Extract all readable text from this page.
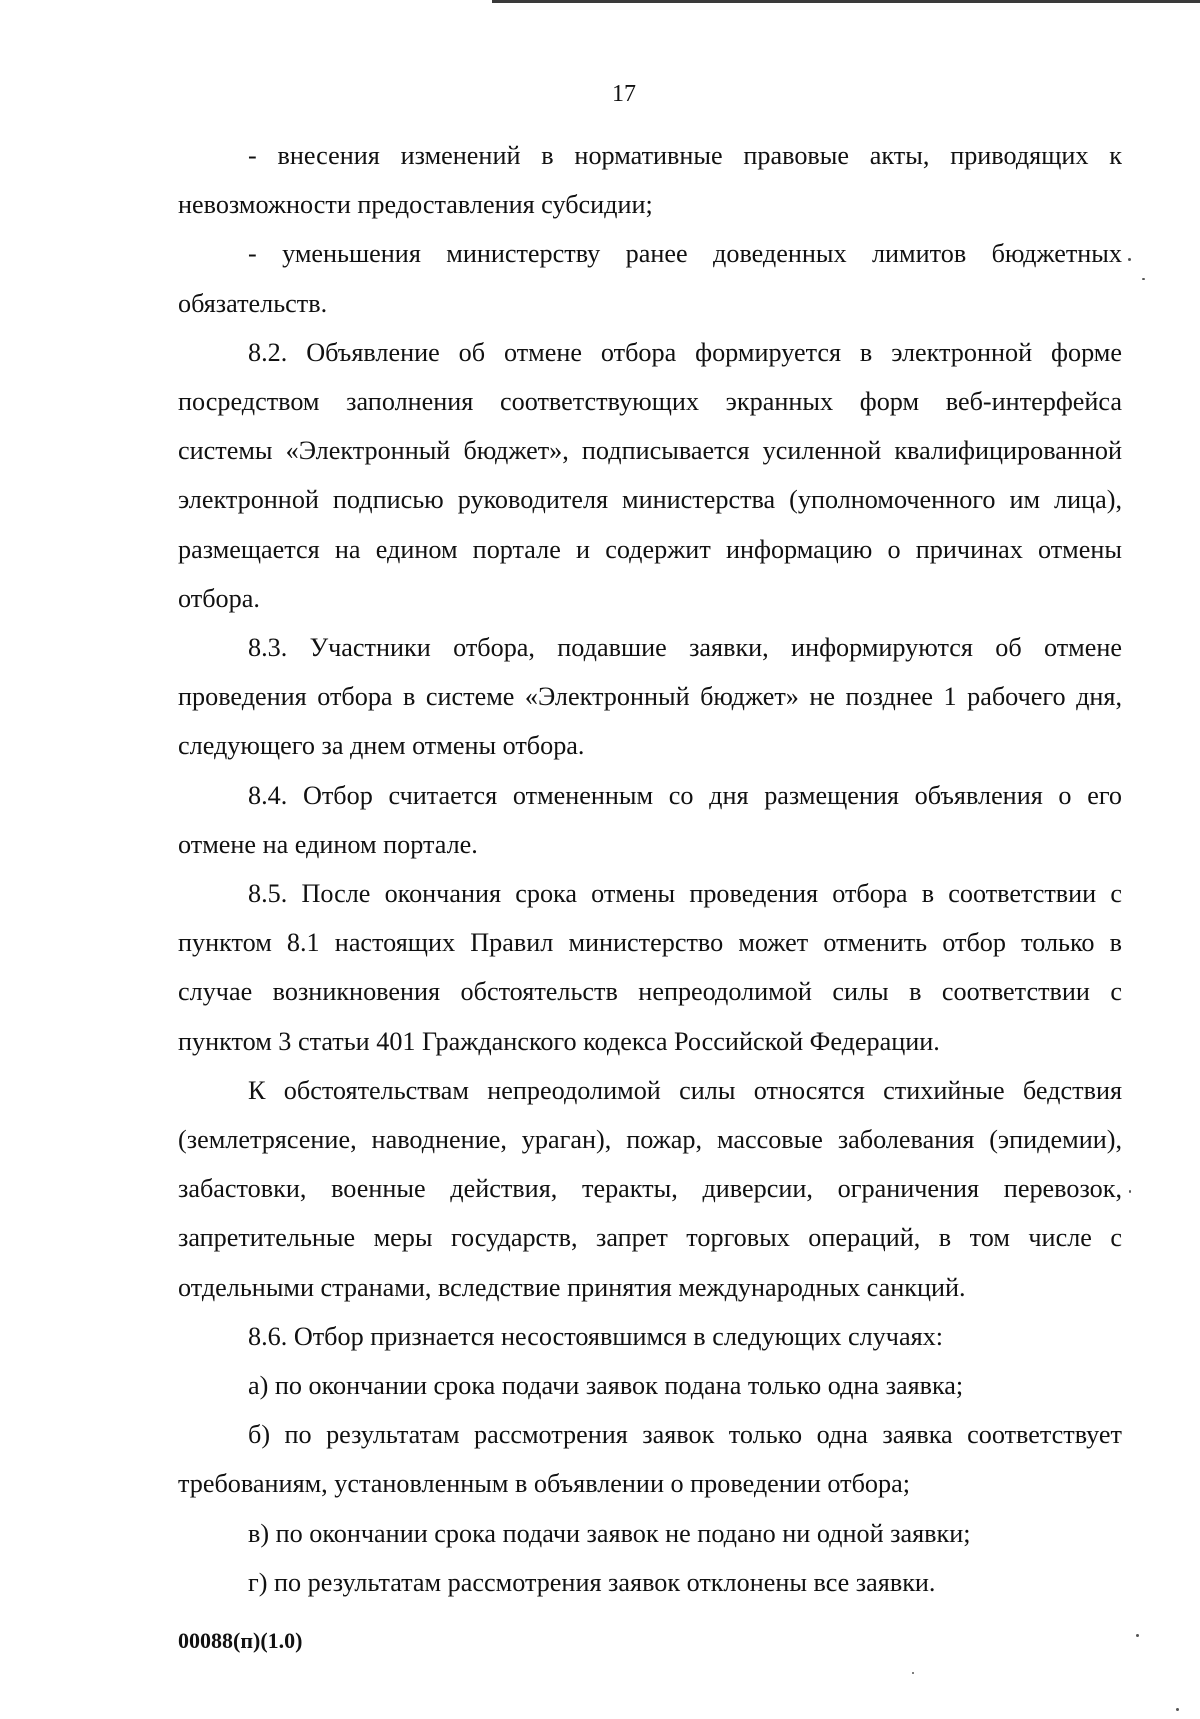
17

- внесения изменений в нормативные правовые акты, приводящих к невозможности предоставления субсидии;

- уменьшения министерству ранее доведенных лимитов бюджетных обязательств.

8.2. Объявление об отмене отбора формируется в электронной форме посредством заполнения соответствующих экранных форм веб-интерфейса системы «Электронный бюджет», подписывается усиленной квалифицированной электронной подписью руководителя министерства (уполномоченного им лица), размещается на едином портале и содержит информацию о причинах отмены отбора.

8.3. Участники отбора, подавшие заявки, информируются об отмене проведения отбора в системе «Электронный бюджет» не позднее 1 рабочего дня, следующего за днем отмены отбора.

8.4. Отбор считается отмененным со дня размещения объявления о его отмене на едином портале.

8.5. После окончания срока отмены проведения отбора в соответствии с пунктом 8.1 настоящих Правил министерство может отменить отбор только в случае возникновения обстоятельств непреодолимой силы в соответствии с пунктом 3 статьи 401 Гражданского кодекса Российской Федерации.

К обстоятельствам непреодолимой силы относятся стихийные бедствия (землетрясение, наводнение, ураган), пожар, массовые заболевания (эпидемии), забастовки, военные действия, теракты, диверсии, ограничения перевозок, запретительные меры государств, запрет торговых операций, в том числе с отдельными странами, вследствие принятия международных санкций.

8.6. Отбор признается несостоявшимся в следующих случаях:

а) по окончании срока подачи заявок подана только одна заявка;

б) по результатам рассмотрения заявок только одна заявка соответствует требованиям, установленным в объявлении о проведении отбора;

в) по окончании срока подачи заявок не подано ни одной заявки;

г) по результатам рассмотрения заявок отклонены все заявки.

00088(п)(1.0)
